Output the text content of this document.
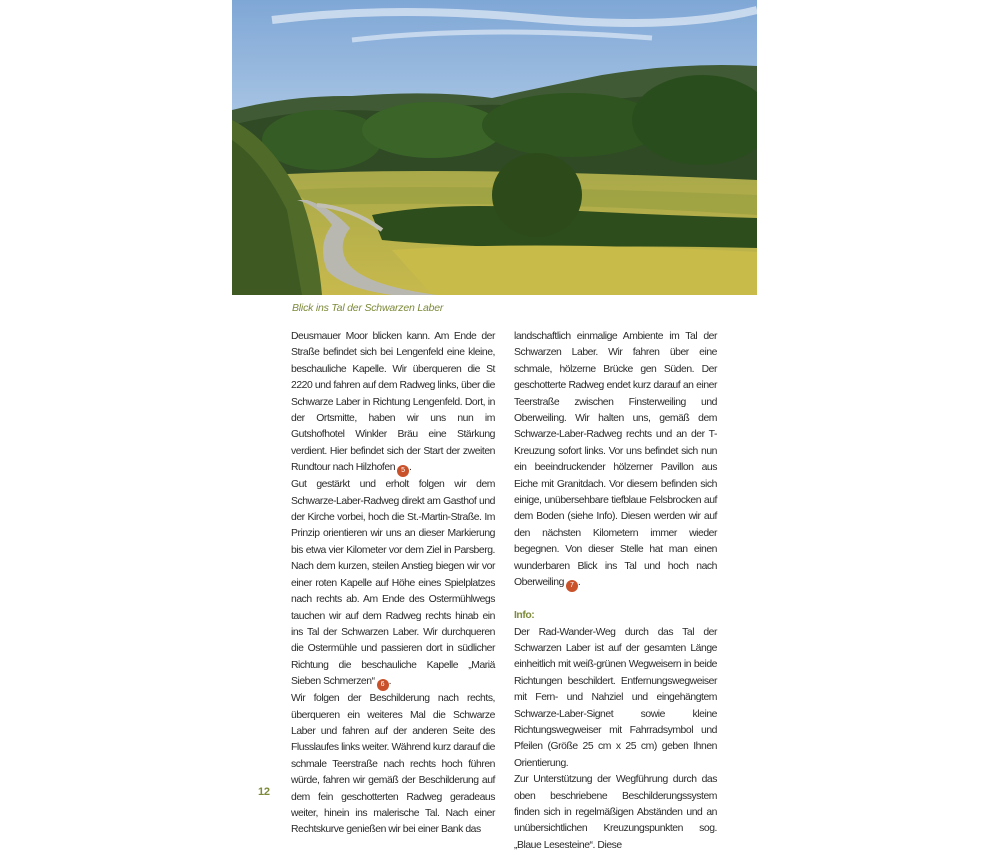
Blick ins Tal der Schwarzen Laber

Deusmauer Moor blicken kann. Am Ende der Straße befindet sich bei Lengenfeld eine kleine, beschauliche Kapelle. Wir überqueren die St 2220 und fahren auf dem Radweg links, über die Schwarze Laber in Richtung Lengenfeld. Dort, in der Ortsmitte, haben wir uns nun im Gutshofhotel Winkler Bräu eine Stärkung verdient. Hier befindet sich der Start der zweiten Rundtour nach Hilzhofen 5 .

Gut gestärkt und erholt folgen wir dem Schwarze-Laber-Radweg direkt am Gasthof und der Kirche vorbei, hoch die St.-Martin-Straße. Im Prinzip orientieren wir uns an dieser Markierung bis etwa vier Kilometer vor dem Ziel in Parsberg. Nach dem kurzen, steilen Anstieg biegen wir vor einer roten Kapelle auf Höhe eines Spielplatzes nach rechts ab. Am Ende des Ostermühlwegs tauchen wir auf dem Radweg rechts hinab ein ins Tal der Schwarzen Laber. Wir durchqueren die Ostermühle und passieren dort in südlicher Richtung die beschauliche Kapelle „Mariä Sieben Schmerzen“ 6 .

Wir folgen der Beschilderung nach rechts, überqueren ein weiteres Mal die Schwarze Laber und fahren auf der anderen Seite des Flusslaufes links weiter. Während kurz darauf die schmale Teerstraße nach rechts hoch führen würde, fahren wir gemäß der Beschilderung auf dem fein geschotterten Radweg geradeaus weiter, hinein ins malerische Tal. Nach einer Rechtskurve genießen wir bei einer Bank das

landschaftlich einmalige Ambiente im Tal der Schwarzen Laber. Wir fahren über eine schmale, hölzerne Brücke gen Süden. Der geschotterte Radweg endet kurz darauf an einer Teerstraße zwischen Finsterweiling und Oberweiling. Wir halten uns, gemäß dem Schwarze-Laber-Radweg rechts und an der T-Kreuzung sofort links. Vor uns befindet sich nun ein beeindruckender hölzerner Pavillon aus Eiche mit Granitdach. Vor diesem befinden sich einige, unübersehbare tiefblaue Felsbrocken auf dem Boden (siehe Info). Diesen werden wir auf den nächsten Kilometern immer wieder begegnen. Von dieser Stelle hat man einen wunderbaren Blick ins Tal und hoch nach Oberweiling 7 .

Info:

Der Rad-Wander-Weg durch das Tal der Schwarzen Laber ist auf der gesamten Länge einheitlich mit weiß-grünen Wegweisern in beide Richtungen beschildert. Entfernungswegweiser mit Fern- und Nahziel und eingehängtem Schwarze-Laber-Signet sowie kleine Richtungswegweiser mit Fahrradsymbol und Pfeilen (Größe 25 cm x 25 cm) geben Ihnen Orientierung.

Zur Unterstützung der Wegführung durch das oben beschriebene Beschilderungssystem finden sich in regelmäßigen Abständen und an unübersichtlichen Kreuzungspunkten sog. „Blaue Lesesteine“. Diese

12
